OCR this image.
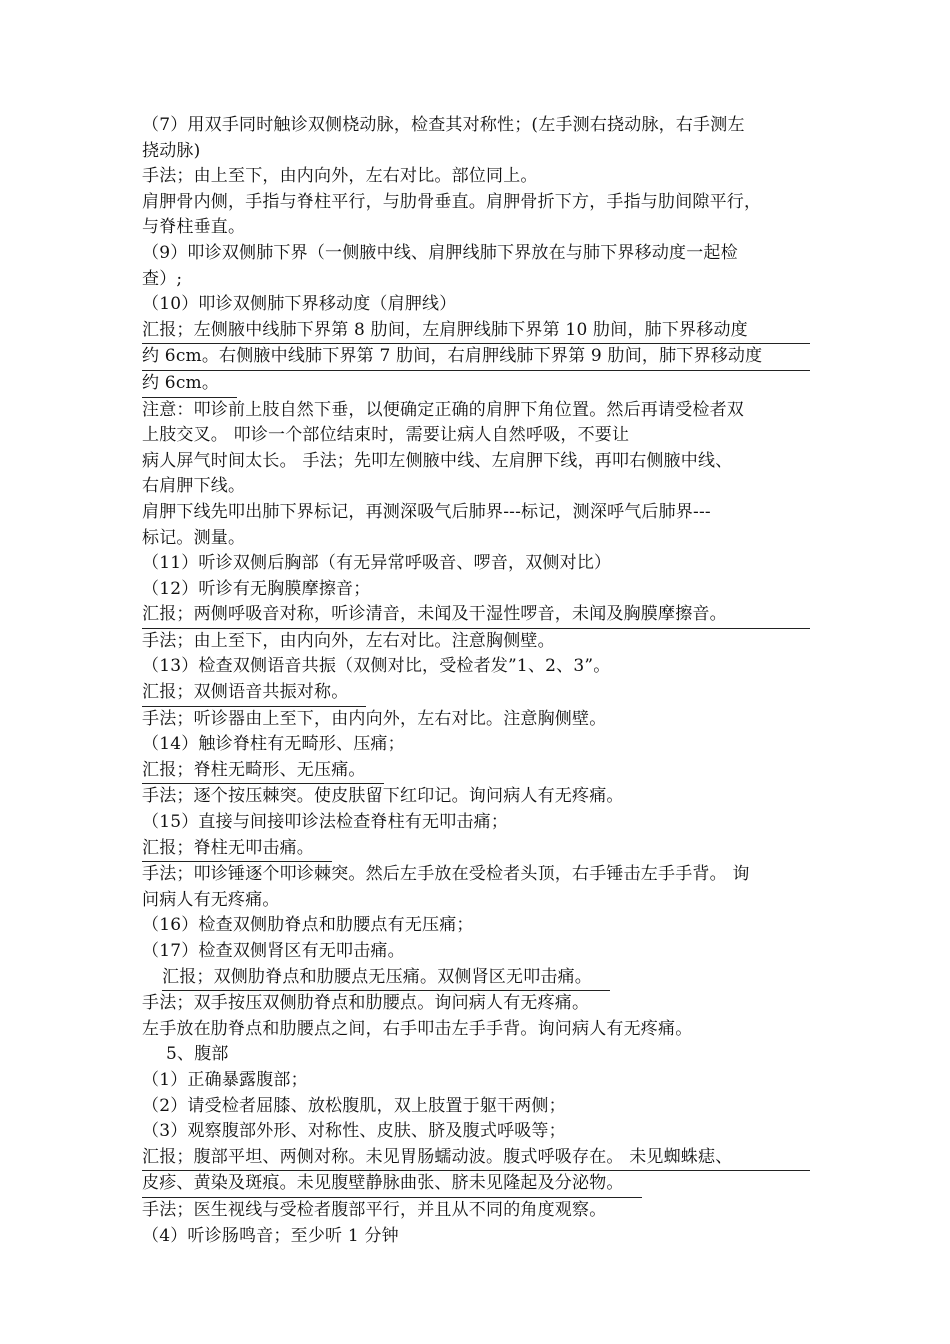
（7）用双手同时触诊双侧桡动脉，检查其对称性；(左手测右挠动脉，右手测左
挠动脉)
手法；由上至下，由内向外，左右对比。部位同上。
肩胛骨内侧，手指与脊柱平行，与肋骨垂直。肩胛骨折下方，手指与肋间隙平行，
与脊柱垂直。
（9）叩诊双侧肺下界（一侧腋中线、肩胛线肺下界放在与肺下界移动度一起检
查）;
（10）叩诊双侧肺下界移动度（肩胛线）
汇报；左侧腋中线肺下界第 8 肋间，左肩胛线肺下界第 10 肋间，肺下界移动度
约 6cm。右侧腋中线肺下界第 7 肋间，右肩胛线肺下界第 9 肋间，肺下界移动度
约 6cm。
注意：叩诊前上肢自然下垂，以便确定正确的肩胛下角位置。然后再请受检者双
上肢交叉。 叩诊一个部位结束时，需要让病人自然呼吸，不要让
病人屏气时间太长。 手法；先叩左侧腋中线、左肩胛下线，再叩右侧腋中线、
右肩胛下线。
肩胛下线先叩出肺下界标记，再测深吸气后肺界---标记，测深呼气后肺界---
标记。测量。
（11）听诊双侧后胸部（有无异常呼吸音、啰音，双侧对比）
（12）听诊有无胸膜摩擦音；
汇报；两侧呼吸音对称，听诊清音，未闻及干湿性啰音，未闻及胸膜摩擦音。
手法；由上至下，由内向外，左右对比。注意胸侧壁。
（13）检查双侧语音共振（双侧对比，受检者发”1、2、3”。
汇报；双侧语音共振对称。
手法；听诊器由上至下，由内向外，左右对比。注意胸侧壁。
（14）触诊脊柱有无畸形、压痛；
汇报；脊柱无畸形、无压痛。
手法；逐个按压棘突。使皮肤留下红印记。询问病人有无疼痛。
（15）直接与间接叩诊法检查脊柱有无叩击痛；
汇报；脊柱无叩击痛。
手法；叩诊锤逐个叩诊棘突。然后左手放在受检者头顶，右手锤击左手手背。 询
问病人有无疼痛。
（16）检查双侧肋脊点和肋腰点有无压痛；
（17）检查双侧肾区有无叩击痛。
汇报；双侧肋脊点和肋腰点无压痛。双侧肾区无叩击痛。
手法；双手按压双侧肋脊点和肋腰点。询问病人有无疼痛。
左手放在肋脊点和肋腰点之间，右手叩击左手手背。询问病人有无疼痛。
5、腹部
（1）正确暴露腹部；
（2）请受检者屈膝、放松腹肌，双上肢置于躯干两侧；
（3）观察腹部外形、对称性、皮肤、脐及腹式呼吸等；
汇报；腹部平坦、两侧对称。未见胃肠蠕动波。腹式呼吸存在。 未见蜘蛛痣、
皮疹、黄染及斑痕。未见腹壁静脉曲张、脐未见隆起及分泌物。
手法；医生视线与受检者腹部平行，并且从不同的角度观察。
（4）听诊肠鸣音；至少听 1 分钟
